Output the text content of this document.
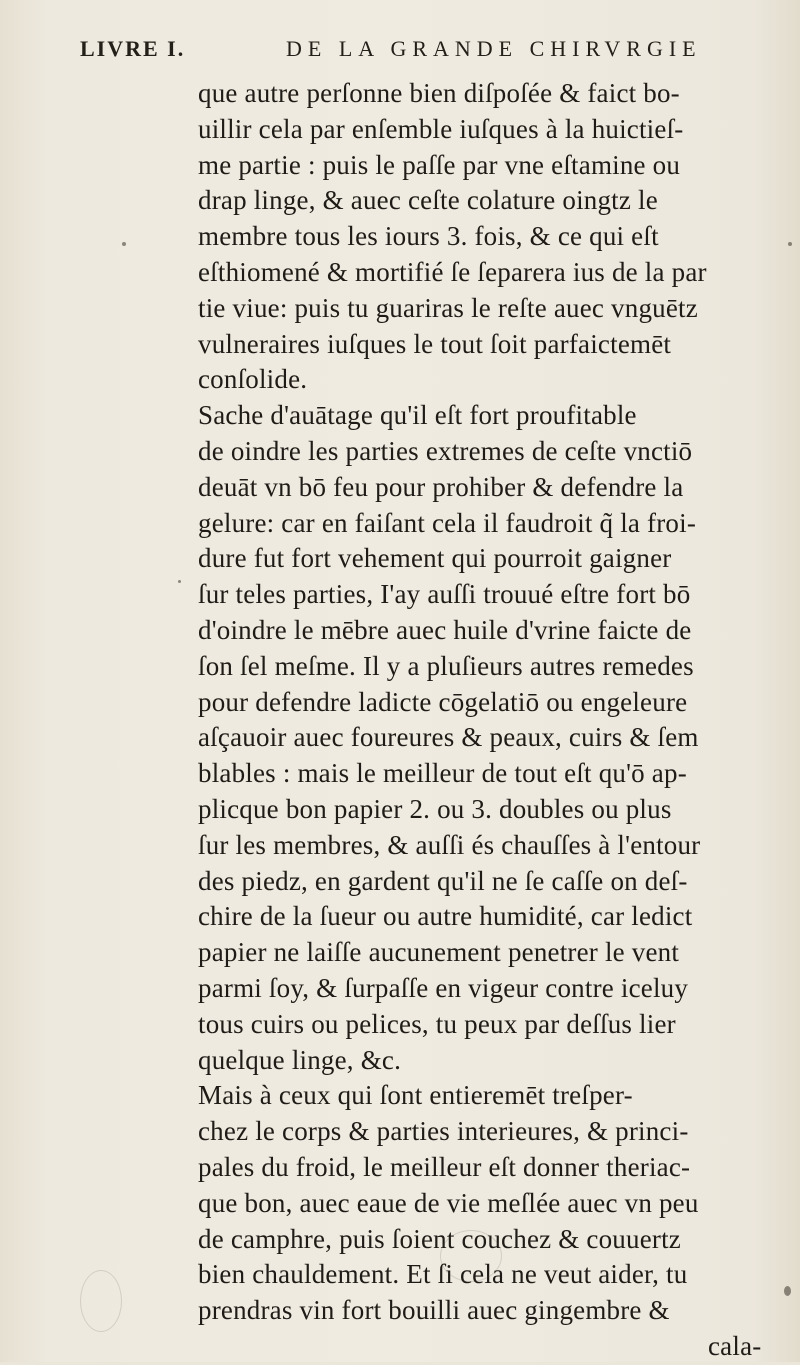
LIVRE I.	DE LA GRANDE CHIRVRGIE
que autre perſonne bien diſpoſée & faict bo-
uillir cela par enſemble iuſques à la huictieſ-
me partie : puis le paſſe par vne eſtamine ou
drap linge, & auec ceſte colature oingtz le
membre tous les iours 3. fois, & ce qui eſt
eſthiomené & mortifié ſe ſeparera ius de la par
tie viue: puis tu guariras le reſte auec vnguētz
vulneraires iuſques le tout ſoit parfaictemēt
conſolide.
Sache d'auātage qu'il eſt fort proufitable
de oindre les parties extremes de ceſte vnctiō
deuāt vn bō feu pour prohiber & defendre la
gelure: car en faiſant cela il faudroit q̃ la froi-
dure fut fort vehement qui pourroit gaigner
ſur teles parties, I'ay auſſi trouué eſtre fort bō
d'oindre le mēbre auec huile d'vrine faicte de
ſon ſel meſme. Il y a pluſieurs autres remedes
pour defendre ladicte cōgelatiō ou engeleure
aſçauoir auec foureures & peaux, cuirs & ſem
blables : mais le meilleur de tout eſt qu'ō ap-
plicque bon papier 2. ou 3. doubles ou plus
ſur les membres, & auſſi és chauſſes à l'entour
des piedz, en gardent qu'il ne ſe caſſe on deſ-
chire de la ſueur ou autre humidité, car ledict
papier ne laiſſe aucunement penetrer le vent
parmi ſoy, & ſurpaſſe en vigeur contre iceluy
tous cuirs ou pelices, tu peux par deſſus lier
quelque linge, &c.
Mais à ceux qui ſont entieremēt treſper-
chez le corps & parties interieures, & princi-
pales du froid, le meilleur eſt donner theriac-
que bon, auec eaue de vie meſlée auec vn peu
de camphre, puis ſoient couchez & couuertz
bien chauldement. Et ſi cela ne veut aider, tu
prendras vin fort bouilli auec gingembre &
cala-
